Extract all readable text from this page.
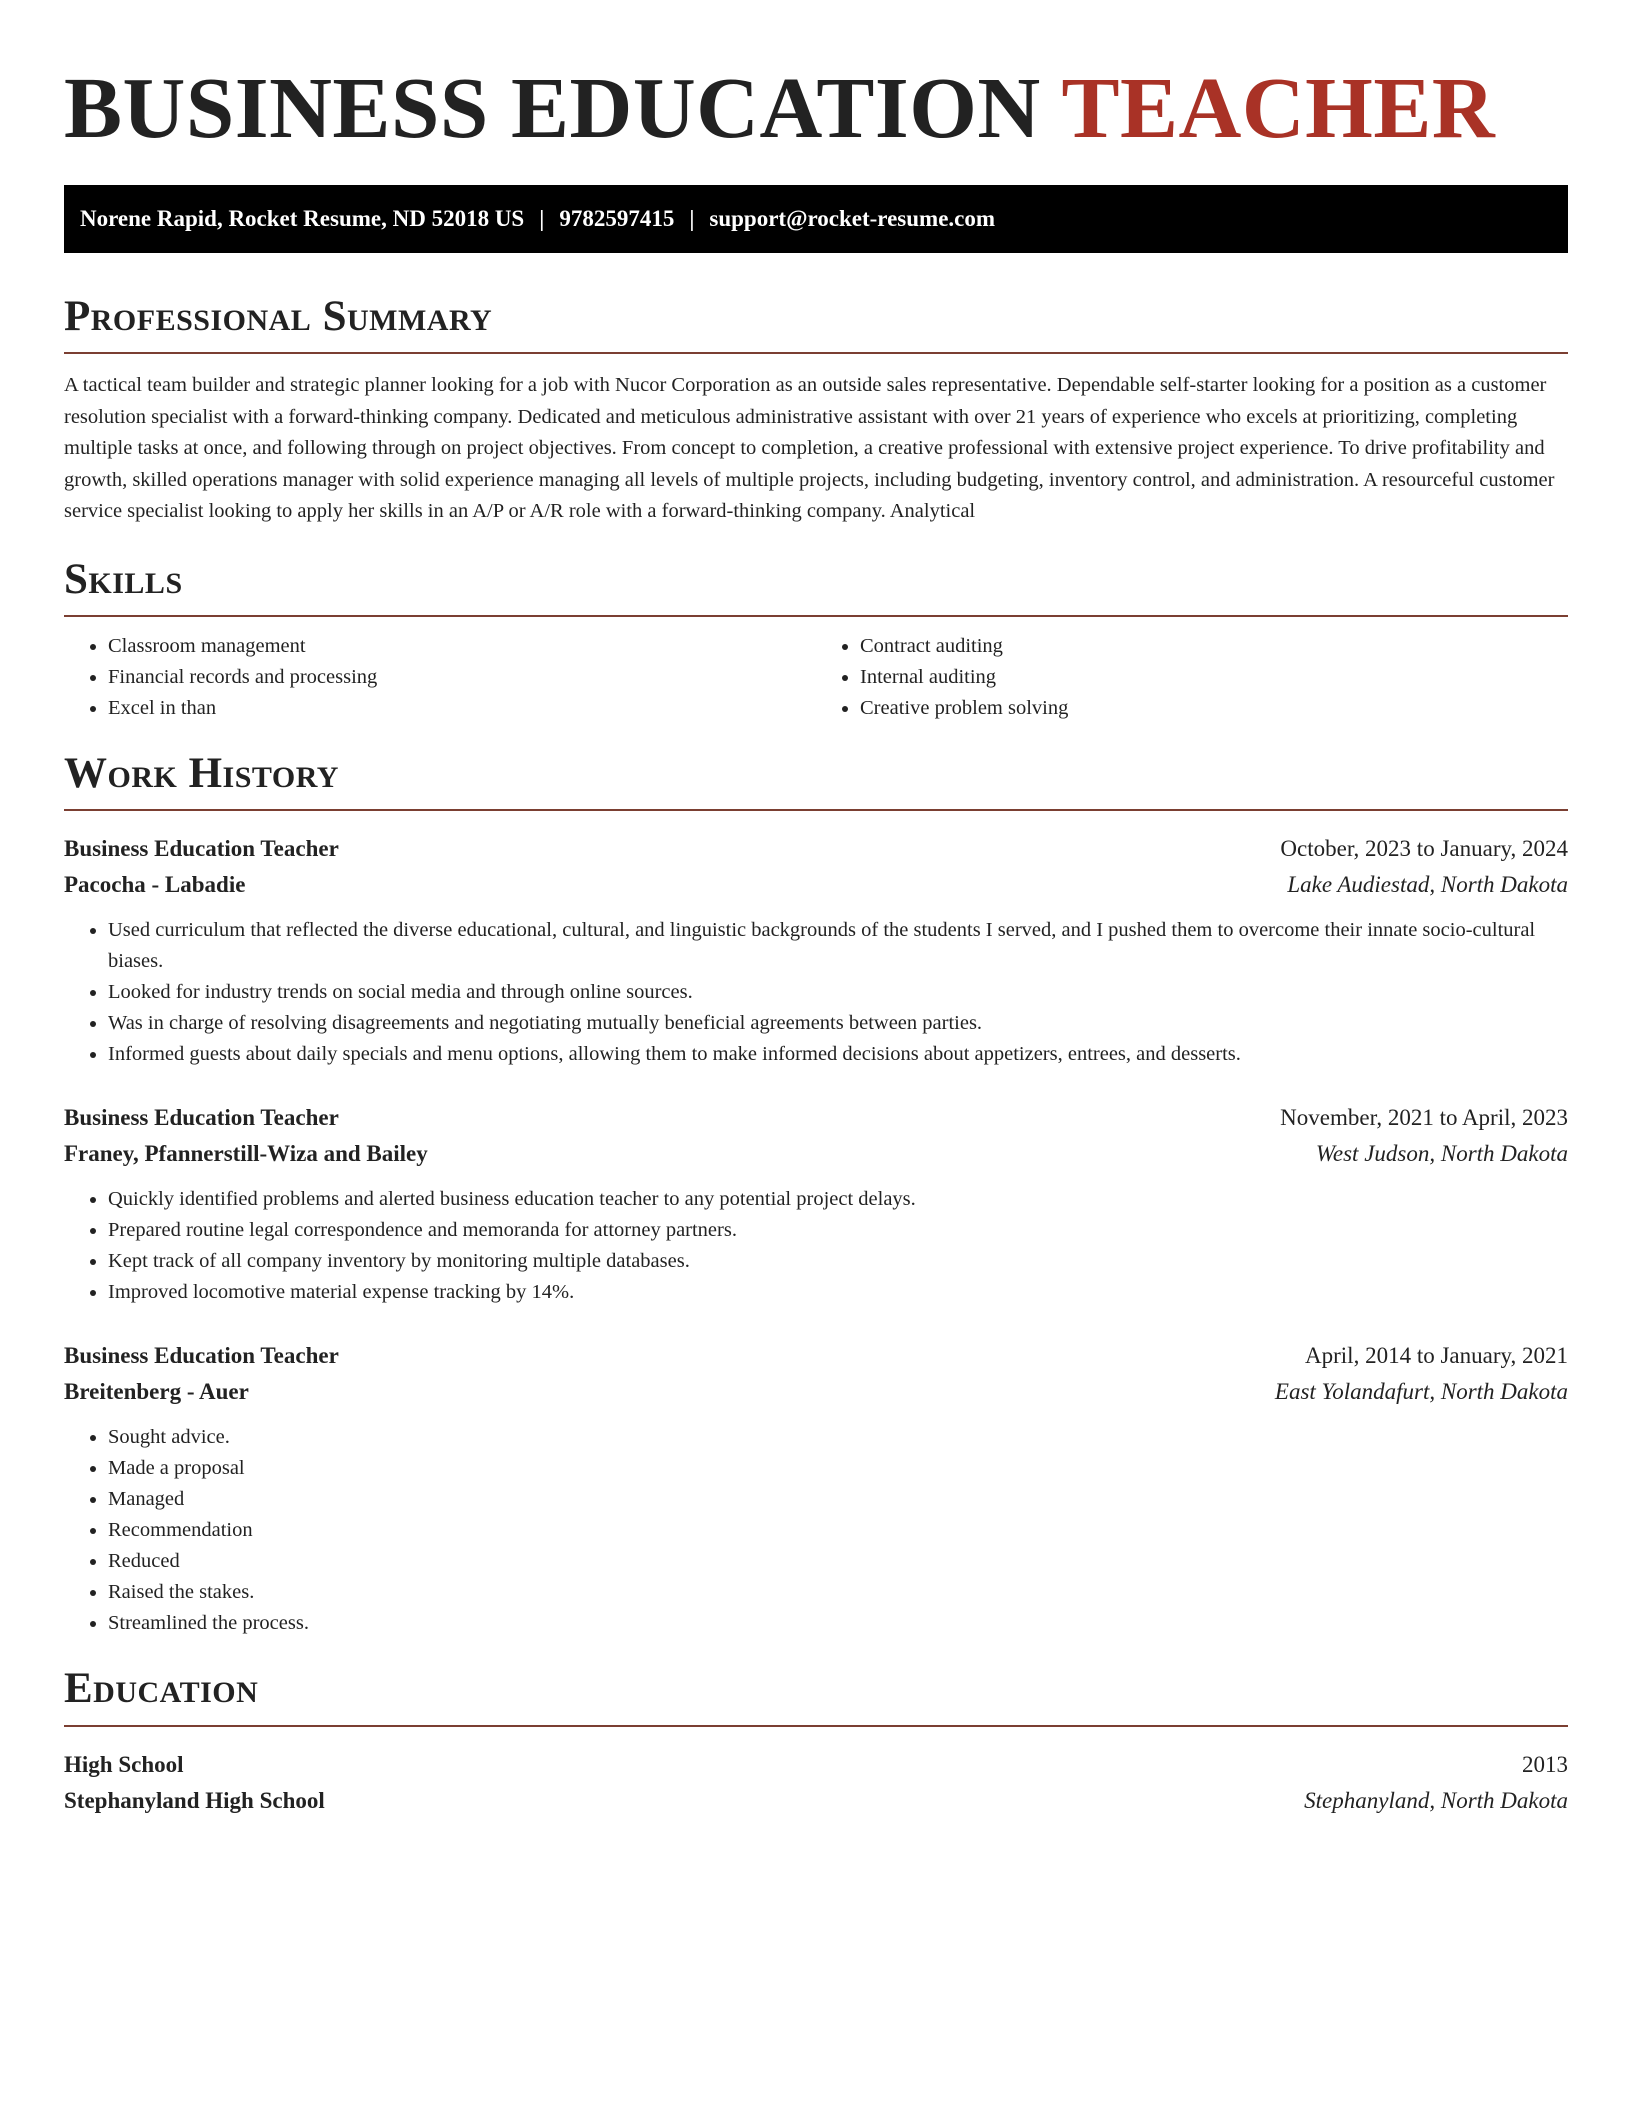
BUSINESS EDUCATION TEACHER
Norene Rapid, Rocket Resume, ND 52018 US | 9782597415 | support@rocket-resume.com
Professional Summary
A tactical team builder and strategic planner looking for a job with Nucor Corporation as an outside sales representative. Dependable self-starter looking for a position as a customer resolution specialist with a forward-thinking company. Dedicated and meticulous administrative assistant with over 21 years of experience who excels at prioritizing, completing multiple tasks at once, and following through on project objectives. From concept to completion, a creative professional with extensive project experience. To drive profitability and growth, skilled operations manager with solid experience managing all levels of multiple projects, including budgeting, inventory control, and administration. A resourceful customer service specialist looking to apply her skills in an A/P or A/R role with a forward-thinking company. Analytical
Skills
• Classroom management
• Financial records and processing
• Excel in than
• Contract auditing
• Internal auditing
• Creative problem solving
Work History
Business Education Teacher	October, 2023 to January, 2024
Pacocha - Labadie	Lake Audiestad, North Dakota
• Used curriculum that reflected the diverse educational, cultural, and linguistic backgrounds of the students I served, and I pushed them to overcome their innate socio-cultural biases.
• Looked for industry trends on social media and through online sources.
• Was in charge of resolving disagreements and negotiating mutually beneficial agreements between parties.
• Informed guests about daily specials and menu options, allowing them to make informed decisions about appetizers, entrees, and desserts.
Business Education Teacher	November, 2021 to April, 2023
Franey, Pfannerstill-Wiza and Bailey	West Judson, North Dakota
• Quickly identified problems and alerted business education teacher to any potential project delays.
• Prepared routine legal correspondence and memoranda for attorney partners.
• Kept track of all company inventory by monitoring multiple databases.
• Improved locomotive material expense tracking by 14%.
Business Education Teacher	April, 2014 to January, 2021
Breitenberg - Auer	East Yolandafurt, North Dakota
• Sought advice.
• Made a proposal
• Managed
• Recommendation
• Reduced
• Raised the stakes.
• Streamlined the process.
Education
High School	2013
Stephanyland High School	Stephanyland, North Dakota
